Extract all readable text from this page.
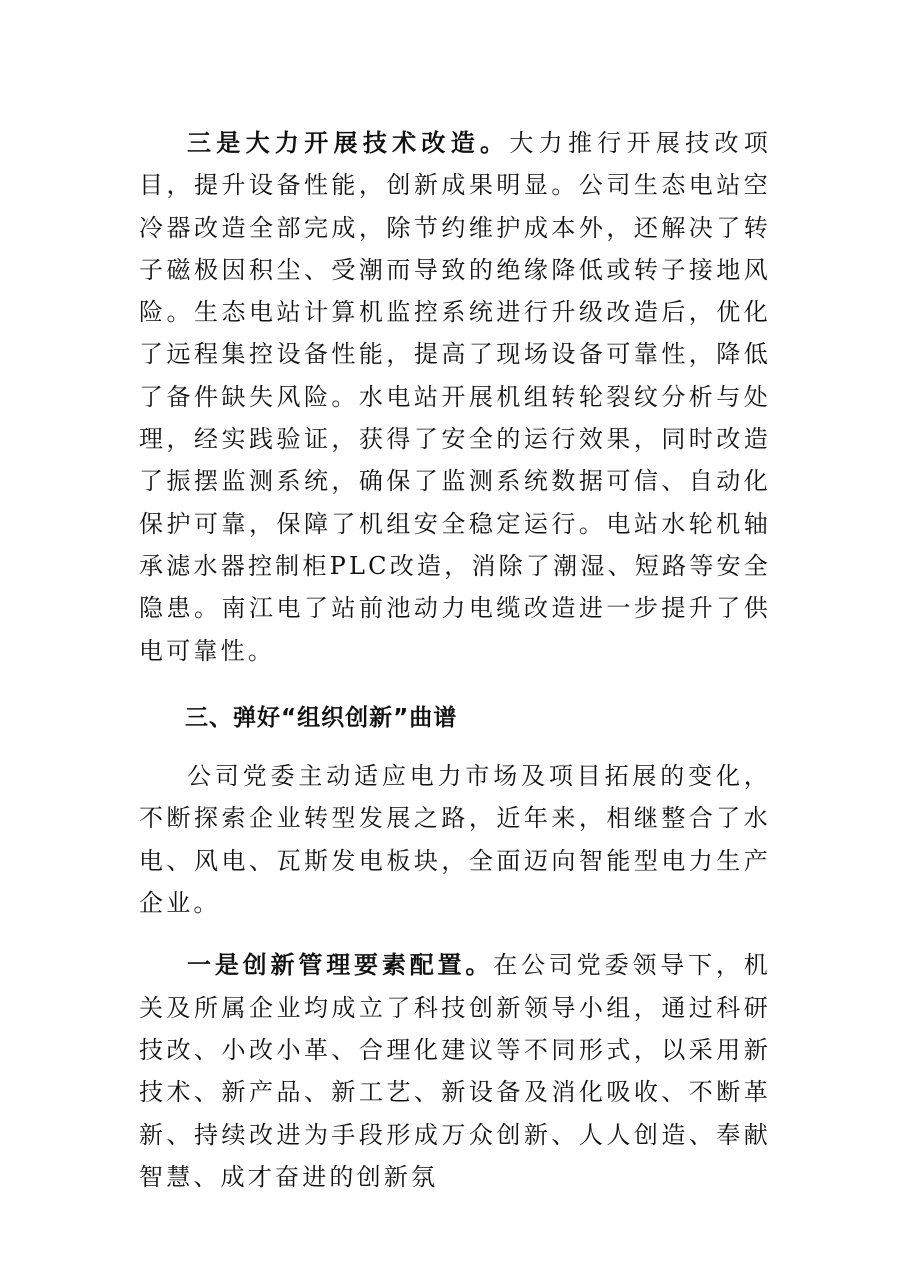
三是大力开展技术改造。大力推行开展技改项目，提升设备性能，创新成果明显。公司生态电站空冷器改造全部完成，除节约维护成本外，还解决了转子磁极因积尘、受潮而导致的绝缘降低或转子接地风险。生态电站计算机监控系统进行升级改造后，优化了远程集控设备性能，提高了现场设备可靠性，降低了备件缺失风险。水电站开展机组转轮裂纹分析与处理，经实践验证，获得了安全的运行效果，同时改造了振摆监测系统，确保了监测系统数据可信、自动化保护可靠，保障了机组安全稳定运行。电站水轮机轴承滤水器控制柜PLC改造，消除了潮湿、短路等安全隐患。南江电了站前池动力电缆改造进一步提升了供电可靠性。

三、弹好“组织创新”曲谱

公司党委主动适应电力市场及项目拓展的变化，不断探索企业转型发展之路，近年来，相继整合了水电、风电、瓦斯发电板块，全面迈向智能型电力生产企业。

一是创新管理要素配置。在公司党委领导下，机关及所属企业均成立了科技创新领导小组，通过科研技改、小改小革、合理化建议等不同形式，以采用新技术、新产品、新工艺、新设备及消化吸收、不断革新、持续改进为手段形成万众创新、人人创造、奉献智慧、成才奋进的创新氛
